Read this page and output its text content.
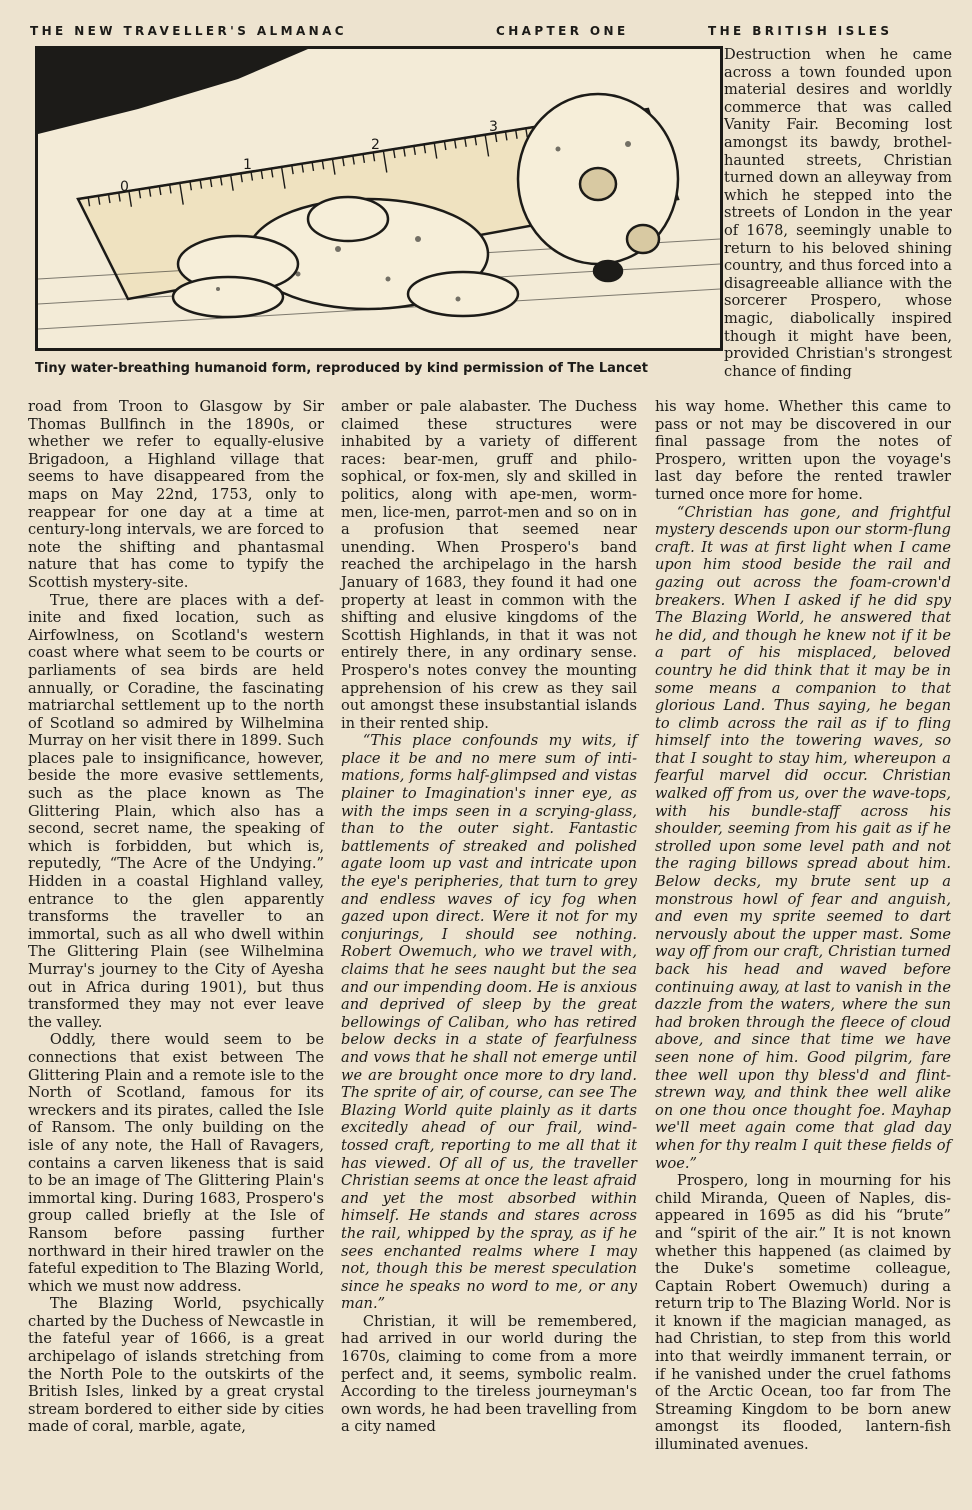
THE NEW TRAVELLER'S ALMANAC	CHAPTER ONE	THE BRITISH ISLES
0
1
2
3
Tiny water-breathing humanoid form, reproduced by kind permission of The Lancet

Destruction when he came across a town founded upon material desires and worldly commerce that was called Vanity Fair. Becoming lost amongst its bawdy, brothel-haunted streets, Christian turned down an alleyway from which he stepped into the streets of London in the year of 1678, seemingly unable to return to his beloved shining country, and thus forced into a disagreeable alliance with the sorcerer Prospero, whose magic, diabolically inspired though it might have been, provided Christian's strongest chance of finding

road from Troon to Glasgow by Sir Thomas Bullfinch in the 1890s, or whether we refer to equally-elusive Brigadoon, a Highland village that seems to have disappeared from the maps on May 22nd, 1753, only to reappear for one day at a time at century-long intervals, we are forced to note the shifting and phantasmal nature that has come to typify the Scottish mystery-site.

True, there are places with a definite and fixed location, such as Airfowlness, on Scotland's western coast where what seem to be courts or parliaments of sea birds are held annually, or Coradine, the fascinating matriarchal settlement up to the north of Scotland so admired by Wilhelmina Murray on her visit there in 1899. Such places pale to insignificance, however, beside the more evasive settlements, such as the place known as The Glittering Plain, which also has a second, secret name, the speaking of which is forbidden, but which is, reputedly, “The Acre of the Undying.” Hidden in a coastal Highland valley, entrance to the glen apparently transforms the traveller to an immortal, such as all who dwell within The Glittering Plain (see Wilhelmina Murray's journey to the City of Ayesha out in Africa during 1901), but thus transformed they may not ever leave the valley.

Oddly, there would seem to be connections that exist between The Glittering Plain and a remote isle to the North of Scotland, famous for its wreckers and its pirates, called the Isle of Ransom. The only building on the isle of any note, the Hall of Ravagers, contains a carven likeness that is said to be an image of The Glittering Plain's immortal king. During 1683, Prospero's group called briefly at the Isle of Ransom before passing further northward in their hired trawler on the fateful expedition to The Blazing World, which we must now address.

The Blazing World, psychically charted by the Duchess of Newcastle in the fateful year of 1666, is a great archipelago of islands stretching from the North Pole to the outskirts of the British Isles, linked by a great crystal stream bordered to either side by cities made of coral, marble, agate,

amber or pale alabaster. The Duchess claimed these structures were inhabited by a variety of different races: bear-men, gruff and philosophical, or fox-men, sly and skilled in politics, along with ape-men, worm-men, lice-men, parrot-men and so on in a profusion that seemed near unending. When Prospero's band reached the archipelago in the harsh January of 1683, they found it had one property at least in common with the shifting and elusive kingdoms of the Scottish Highlands, in that it was not entirely there, in any ordinary sense. Prospero's notes convey the mounting apprehension of his crew as they sail out amongst these insubstantial islands in their rented ship.

“This place confounds my wits, if place it be and no mere sum of intimations, forms half-glimpsed and vistas plainer to Imagination's inner eye, as with the imps seen in a scrying-glass, than to the outer sight. Fantastic battlements of streaked and polished agate loom up vast and intricate upon the eye's peripheries, that turn to grey and endless waves of icy fog when gazed upon direct. Were it not for my conjurings, I should see nothing. Robert Owemuch, who we travel with, claims that he sees naught but the sea and our impending doom. He is anxious and deprived of sleep by the great bellowings of Caliban, who has retired below decks in a state of fearfulness and vows that he shall not emerge until we are brought once more to dry land. The sprite of air, of course, can see The Blazing World quite plainly as it darts excitedly ahead of our frail, wind-tossed craft, reporting to me all that it has viewed. Of all of us, the traveller Christian seems at once the least afraid and yet the most absorbed within himself. He stands and stares across the rail, whipped by the spray, as if he sees enchanted realms where I may not, though this be merest speculation since he speaks no word to me, or any man.”

Christian, it will be remembered, had arrived in our world during the 1670s, claiming to come from a more perfect and, it seems, symbolic realm. According to the tireless journeyman's own words, he had been travelling from a city named

his way home. Whether this came to pass or not may be discovered in our final passage from the notes of Prospero, written upon the voyage's last day before the rented trawler turned once more for home.

“Christian has gone, and frightful mystery descends upon our storm-flung craft. It was at first light when I came upon him stood beside the rail and gazing out across the foam-crown'd breakers. When I asked if he did spy The Blazing World, he answered that he did, and though he knew not if it be a part of his misplaced, beloved country he did think that it may be in some means a companion to that glorious Land. Thus saying, he began to climb across the rail as if to fling himself into the towering waves, so that I sought to stay him, whereupon a fearful marvel did occur. Christian walked off from us, over the wave-tops, with his bundle-staff across his shoulder, seeming from his gait as if he strolled upon some level path and not the raging billows spread about him. Below decks, my brute sent up a monstrous howl of fear and anguish, and even my sprite seemed to dart nervously about the upper mast. Some way off from our craft, Christian turned back his head and waved before continuing away, at last to vanish in the dazzle from the waters, where the sun had broken through the fleece of cloud above, and since that time we have seen none of him. Good pilgrim, fare thee well upon thy bless'd and flint-strewn way, and think thee well alike on one thou once thought foe. Mayhap we'll meet again come that glad day when for thy realm I quit these fields of woe.”

Prospero, long in mourning for his child Miranda, Queen of Naples, disappeared in 1695 as did his “brute” and “spirit of the air.” It is not known whether this happened (as claimed by the Duke's sometime colleague, Captain Robert Owemuch) during a return trip to The Blazing World. Nor is it known if the magician managed, as had Christian, to step from this world into that weirdly immanent terrain, or if he vanished under the cruel fathoms of the Arctic Ocean, too far from The Streaming Kingdom to be born anew amongst its flooded, lantern-fish illuminated avenues.
